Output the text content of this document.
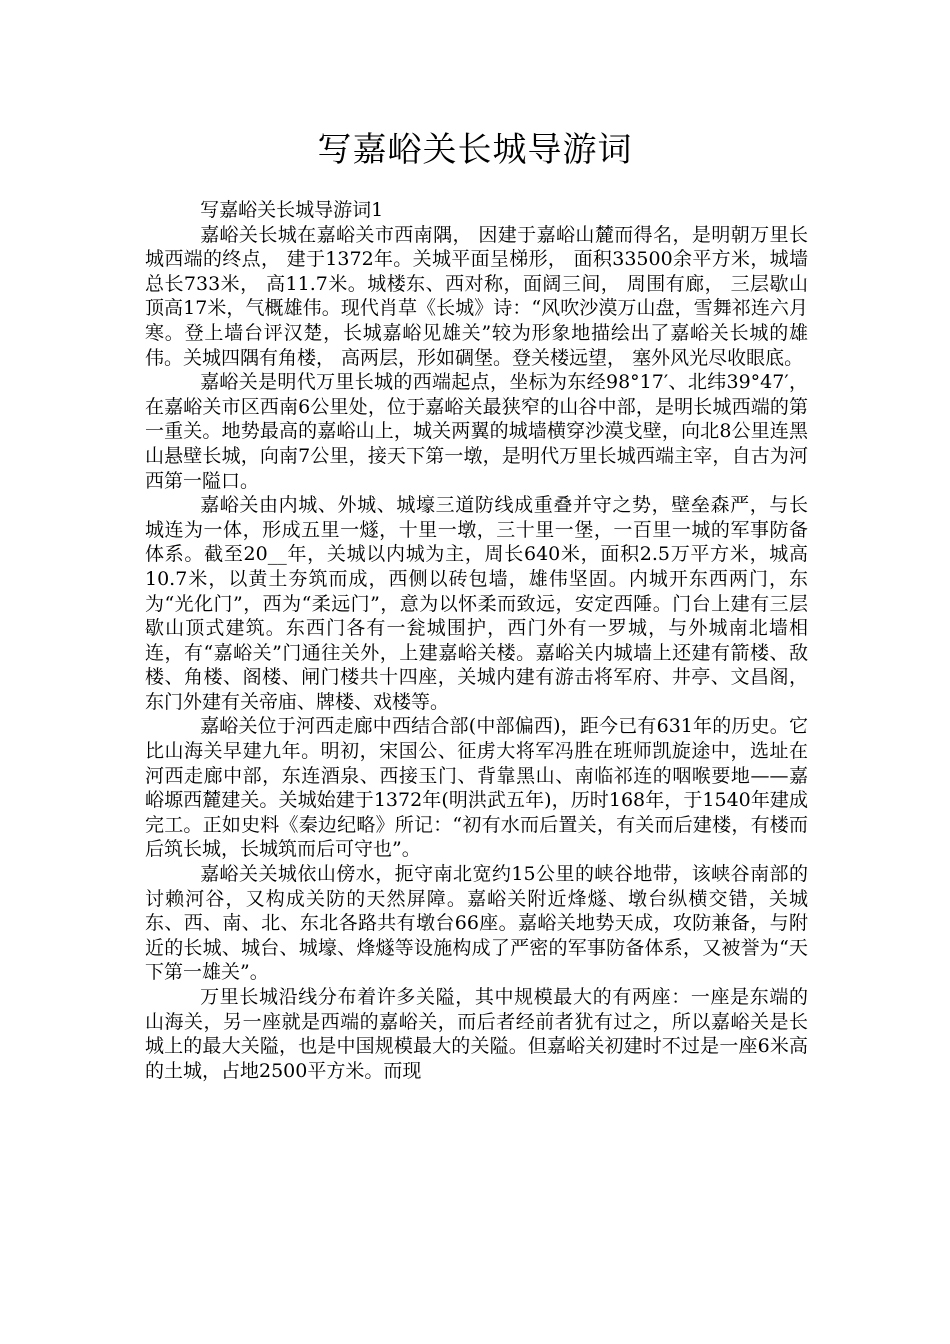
写嘉峪关长城导游词

写嘉峪关长城导游词1

嘉峪关长城在嘉峪关市西南隅， 因建于嘉峪山麓而得名，是明朝万里长城西端的终点， 建于1372年。关城平面呈梯形， 面积33500余平方米，城墙总长733米， 高11.7米。城楼东、西对称，面阔三间， 周围有廊， 三层歇山顶高17米，气概雄伟。现代肖草《长城》诗：“风吹沙漠万山盘，雪舞祁连六月寒。登上墙台评汉楚，长城嘉峪见雄关”较为形象地描绘出了嘉峪关长城的雄伟。关城四隅有角楼， 高两层，形如碉堡。登关楼远望， 塞外风光尽收眼底。

嘉峪关是明代万里长城的西端起点，坐标为东经98°17′、北纬39°47′，在嘉峪关市区西南6公里处，位于嘉峪关最狭窄的山谷中部，是明长城西端的第一重关。地势最高的嘉峪山上，城关两翼的城墙横穿沙漠戈壁，向北8公里连黑山悬壁长城，向南7公里，接天下第一墩，是明代万里长城西端主宰，自古为河西第一隘口。

嘉峪关由内城、外城、城壕三道防线成重叠并守之势，壁垒森严，与长城连为一体，形成五里一燧，十里一墩，三十里一堡，一百里一城的军事防备体系。截至20__年，关城以内城为主，周长640米，面积2.5万平方米，城高10.7米，以黄土夯筑而成，西侧以砖包墙，雄伟坚固。内城开东西两门，东为“光化门”，西为“柔远门”，意为以怀柔而致远，安定西陲。门台上建有三层歇山顶式建筑。东西门各有一瓮城围护，西门外有一罗城，与外城南北墙相连，有“嘉峪关”门通往关外，上建嘉峪关楼。嘉峪关内城墙上还建有箭楼、敌楼、角楼、阁楼、闸门楼共十四座，关城内建有游击将军府、井亭、文昌阁，东门外建有关帝庙、牌楼、戏楼等。

嘉峪关位于河西走廊中西结合部(中部偏西)，距今已有631年的历史。它比山海关早建九年。明初，宋国公、征虏大将军冯胜在班师凯旋途中，选址在河西走廊中部，东连酒泉、西接玉门、背靠黑山、南临祁连的咽喉要地——嘉峪塬西麓建关。关城始建于1372年(明洪武五年)，历时168年，于1540年建成完工。正如史料《秦边纪略》所记：“初有水而后置关，有关而后建楼，有楼而后筑长城，长城筑而后可守也”。

嘉峪关关城依山傍水，扼守南北宽约15公里的峡谷地带，该峡谷南部的讨赖河谷，又构成关防的天然屏障。嘉峪关附近烽燧、墩台纵横交错，关城东、西、南、北、东北各路共有墩台66座。嘉峪关地势天成，攻防兼备，与附近的长城、城台、城壕、烽燧等设施构成了严密的军事防备体系，又被誉为“天下第一雄关”。

万里长城沿线分布着许多关隘，其中规模最大的有两座：一座是东端的山海关，另一座就是西端的嘉峪关，而后者经前者犹有过之，所以嘉峪关是长城上的最大关隘，也是中国规模最大的关隘。但嘉峪关初建时不过是一座6米高的土城，占地2500平方米。而现
